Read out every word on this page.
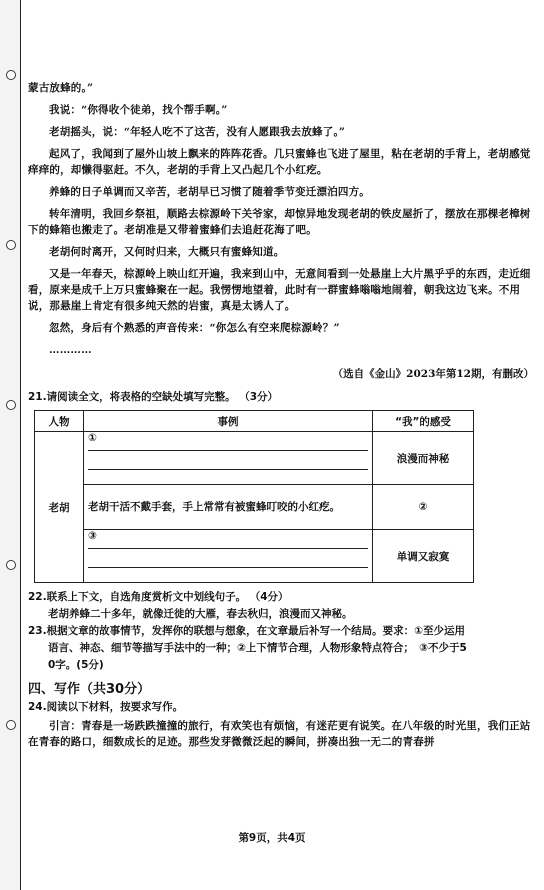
蒙古放蜂的。”

我说：“你得收个徒弟，找个帮手啊。”

老胡摇头，说：“年轻人吃不了这苦，没有人愿跟我去放蜂了。”

起风了，我闻到了屋外山坡上飘来的阵阵花香。几只蜜蜂也飞进了屋里，粘在老胡的手背上，老胡感觉痒痒的，却懒得驱赶。不久，老胡的手背上又凸起几个小红疙。

养蜂的日子单调而又辛苦，老胡早已习惯了随着季节变迁漂泊四方。

转年清明，我回乡祭祖，顺路去棕源岭下关爷家，却惊异地发现老胡的铁皮屋折了，摆放在那棵老樟树下的蜂箱也搬走了。老胡准是又带着蜜蜂们去追赶花海了吧。

老胡何时离开，又何时归来，大概只有蜜蜂知道。

又是一年春天，棕源岭上映山红开遍，我来到山中，无意间看到一处悬崖上大片黑乎乎的东西，走近细看，原来是成千上万只蜜蜂聚在一起。我愣愣地望着，此时有一群蜜蜂嗡嗡地闹着，朝我这边飞来。不用说，那悬崖上肯定有很多纯天然的岩蜜，真是太诱人了。

忽然，身后有个熟悉的声音传来：“你怎么有空来爬棕源岭？”

…………

（选自《金山》2023年第12期，有删改）

21.请阅读全文，将表格的空缺处填写完整。 （3分）

人物	事例	“我”的感受
老胡	①	浪漫而神秘
	老胡干活不戴手套，手上常常有被蜜蜂叮咬的小红疙。	②

	③	单调又寂寞

22.联系上下文，自选角度赏析文中划线句子。 （4分）

老胡养蜂二十多年，就像迁徙的大雁，春去秋归，浪漫而又神秘。

23.根据文章的故事情节，发挥你的联想与想象，在文章最后补写一个结局。要求：①至少运用

语言、神态、细节等描写手法中的一种；②上下情节合理，人物形象特点符合；　③不少于5

0字。(5分)

四、写作（共30分）

24.阅读以下材料，按要求写作。

引言：青春是一场跌跌撞撞的旅行，有欢笑也有烦恼，有迷茫更有说笑。在八年级的时光里，我们正站在青春的路口，细数成长的足迹。那些发芽微微泛起的瞬间，拼凑出独一无二的青春拼

第9页，共4页
